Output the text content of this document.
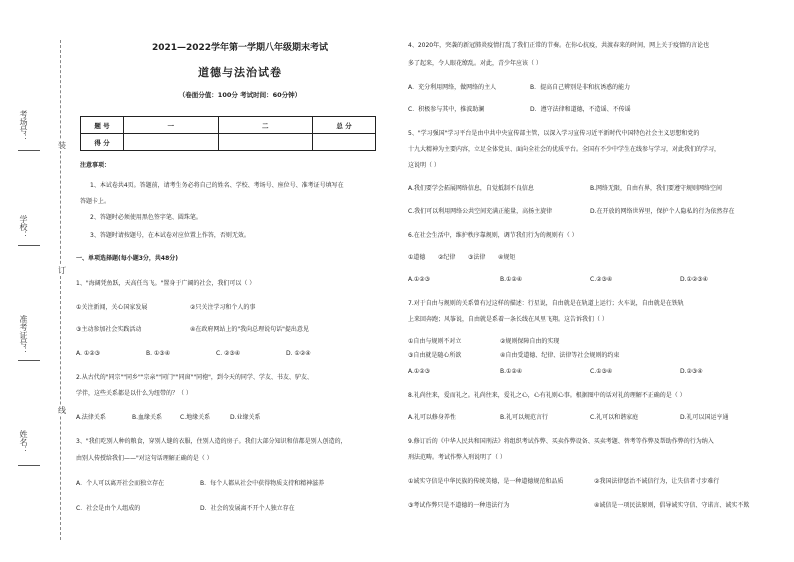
考场号：
学校：
准考证号：
姓名：
装
订
线
2021—2022学年第一学期八年级期末考试
道德与法治试卷
（卷面分值：100分 考试时间：60分钟）
题 号	一	二	总 分
得 分			
注意事项：
1、本试卷共4页。答题前，请考生务必将自己的姓名、学校、考场号、座位号、准考证号填写在
答题卡上。
2、答题时必须使用黑色签字笔、圆珠笔。
3、答题时请按题号，在本试卷对应位置上作答，否则无效。
一、单项选择题(每小题3分，共48分)
1、"海阔凭鱼跃，天高任鸟飞。"置身于广阔的社会，我们可以（ ）
①关注新闻，关心国家发展	②只关注学习和个人的事
③主动参加社会实践活动	④在政府网站上的"我向总理说句话"提出意见
A. ①②③	B. ①③④	C. ②③④	D. ①②④
2.从古代的"同宗""同乡""宗亲""同门""同窗""同袍"，到今天的同学、学友、书友、驴友、
学伴，这些关系都是以什么为纽带的？（ ）
A.法律关系	B.血缘关系	C.地缘关系	D.业缘关系
3、"我们吃别人种的粮食，穿别人缝的衣服，住别人造的房子。我们大部分知识和信都是别人创造的，
由别人传授给我们——"对这句话理解正确的是（ ）
A．个人可以离开社会而独立存在	B．每个人都从社会中获得物质支持和精神滋养
C．社会是由个人组成的	D．社会的发展离不开个人独立存在
4、2020年，突袭的新冠肺炎疫情打乱了我们正常的节奏。在你心抗疫，共渡春来的时间，网上关于疫情的言论也
多了起来，令人眼花缭乱。对此，青少年应该（ ）
A．充分利用网络，做网络的主人	B．提高自己辨别是非和抗诱惑的能力
C．积极参与其中，推波助澜	D．遵守法律和道德，不造谣、不传谣
5、"学习强国"学习平台是由中共中央宣传部主管，以深入学习宣传习近平新时代中国特色社会主义思想和党的
十九大精神为主要内容，立足全体党员、面向全社会的优质平台。全国有不少中学生在线参与学习，对此我们的学习，
这说明（ ）
A.我们要学会拓展网络信息，自觉抵制不良信息	B.网络无限，自由有界，我们要遵守规则网络空间
C.我们可以利用网络公共空间充满正能量，高扬主旋律	D.在开放的网络世界里，保护个人隐私的行为依然存在
6.在社会生活中，维护秩序靠规则，调节我们行为的规则有（ ）
①道德 ②纪律 ③法律 ④规矩
A.①②③	B.①②④	C.②③④	D.①②③④
7.对于自由与规则的关系曾有过这样的描述：行星说，自由就是在轨道上运行；火车说，自由就是在铁轨
上来回奔跑；风筝说，自由就是系着一条长线在风里飞翔。这告诉我们（ ）
①自由与规则不对立	②规则保障自由的实现
③自由就是随心所欲	④自由受道德、纪律、法律等社会规则的约束
A.①②③	B.①②④	C.①③④	D.②③④
8.礼尚往来，爱而礼之。礼尚往来，爱礼之心，心有礼则心事。根据图中的话对礼的理解不正确的是（ ）
A.礼可以修身养性	B.礼可以规范言行	C.礼可以和谐家庭	D.礼可以国运亨通
9.修订后的《中华人民共和国刑法》将组织考试作弊、买卖作弊设备、买卖考题、替考等作弊及帮助作弊的行为纳入
刑法范畴。考试作弊入刑说明了（ ）
①诚实守信是中华民族的传统美德，是一种道德规范和品质	②我国法律惩治不诚信行为，让失信者寸步难行
③考试作弊只是不道德的一种违法行为	④诚信是一项民法原则，倡导诚实守信、守诺言、诚实不欺
